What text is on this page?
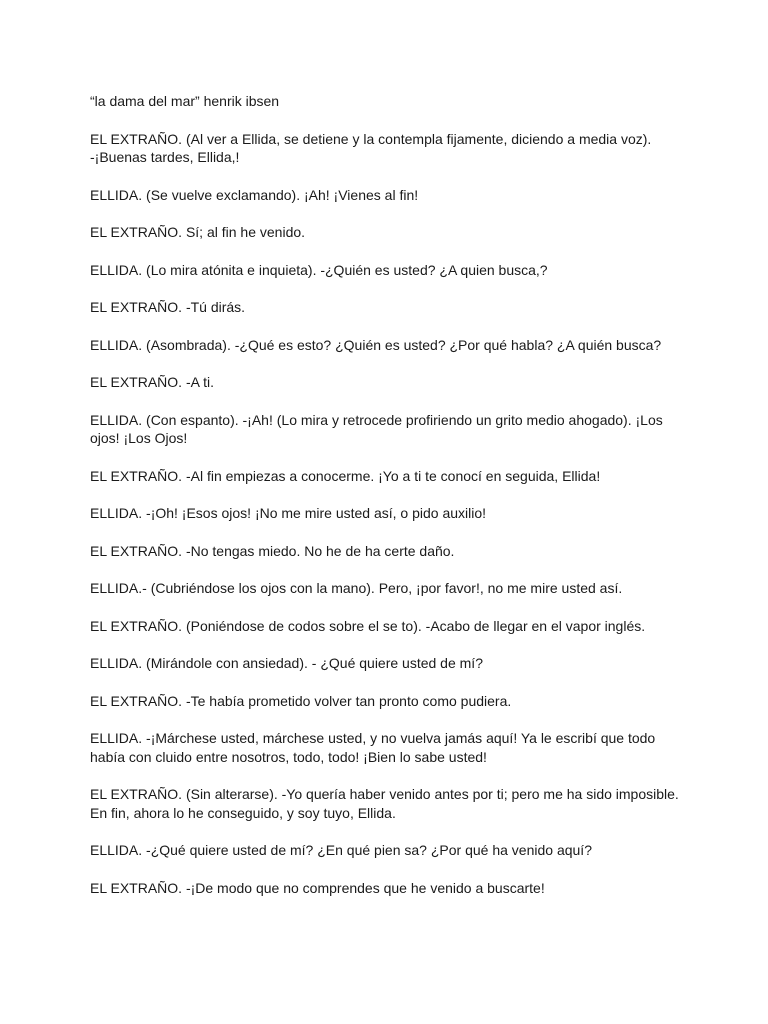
“la dama del mar” henrik ibsen

EL EXTRAÑO. (Al ver a Ellida, se detiene y la contempla fijamente, diciendo a media voz).
-¡Buenas tardes, Ellida,!

ELLIDA. (Se vuelve exclamando). ¡Ah! ¡Vienes al fin!

EL EXTRAÑO. Sí; al fin he venido.

ELLIDA. (Lo mira atónita e inquieta). -¿Quién es usted? ¿A quien busca,?

EL EXTRAÑO. -Tú dirás.

ELLIDA. (Asombrada). -¿Qué es esto? ¿Quién es usted? ¿Por qué habla? ¿A quién busca?

EL EXTRAÑO. -A ti.

ELLIDA. (Con espanto). -¡Ah! (Lo mira y retrocede profiriendo un grito medio ahogado). ¡Los
ojos! ¡Los Ojos!

EL EXTRAÑO. -Al fin empiezas a conocerme. ¡Yo a ti te conocí en seguida, Ellida!

ELLIDA. -¡Oh! ¡Esos ojos! ¡No me mire usted así, o pido auxilio!

EL EXTRAÑO. -No tengas miedo. No he de ha certe daño.

ELLIDA.- (Cubriéndose los ojos con la mano). Pero, ¡por favor!, no me mire usted así.

EL EXTRAÑO. (Poniéndose de codos sobre el se to). -Acabo de llegar en el vapor inglés.

ELLIDA. (Mirándole con ansiedad). - ¿Qué quiere usted de mí?

EL EXTRAÑO. -Te había prometido volver tan pronto como pudiera.

ELLIDA. -¡Márchese usted, márchese usted, y no vuelva jamás aquí! Ya le escribí que todo
había con cluido entre nosotros, todo, todo! ¡Bien lo sabe usted!

EL EXTRAÑO. (Sin alterarse). -Yo quería haber venido antes por ti; pero me ha sido imposible.
En fin, ahora lo he conseguido, y soy tuyo, Ellida.

ELLIDA. -¿Qué quiere usted de mí? ¿En qué pien sa? ¿Por qué ha venido aquí?

EL EXTRAÑO. -¡De modo que no comprendes que he venido a buscarte!
